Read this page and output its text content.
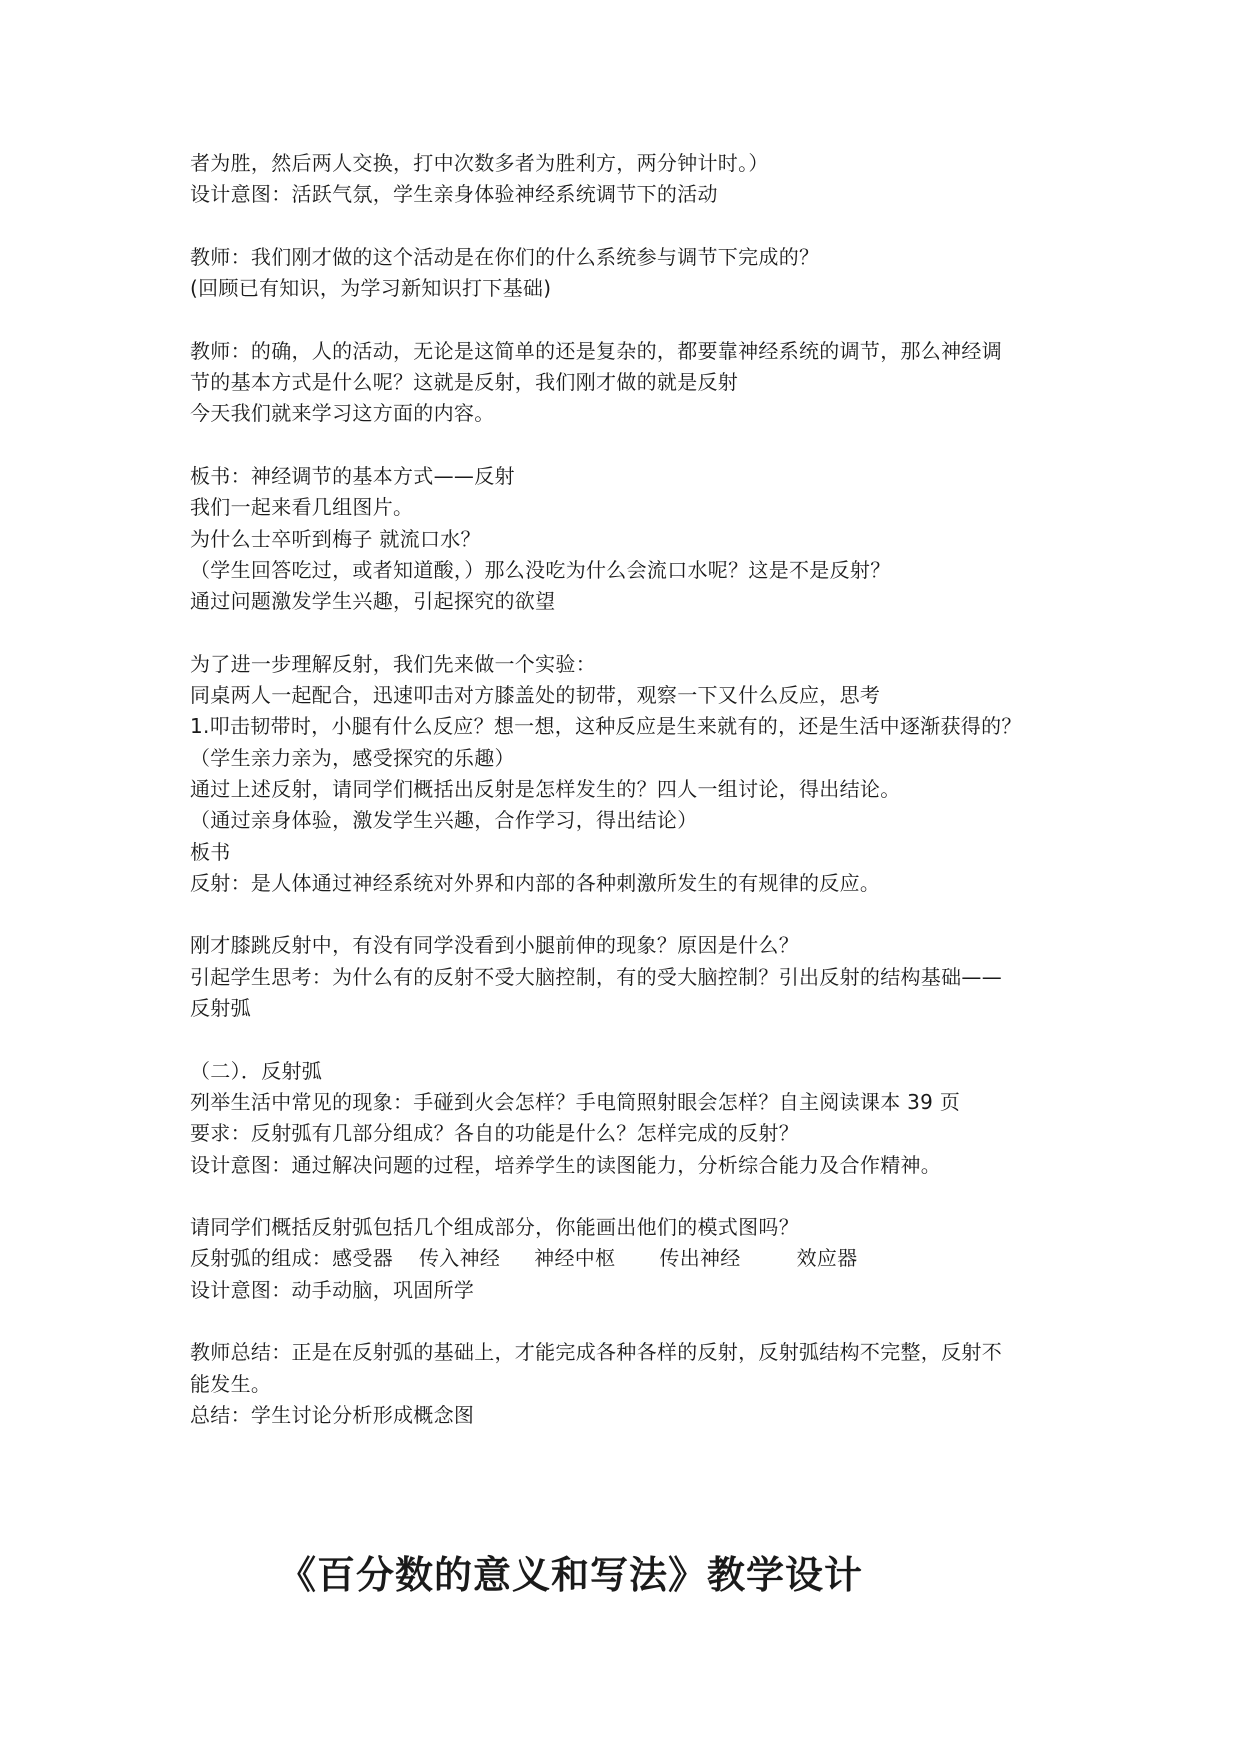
者为胜，然后两人交换，打中次数多者为胜利方，两分钟计时。）
设计意图：活跃气氛，学生亲身体验神经系统调节下的活动
教师：我们刚才做的这个活动是在你们的什么系统参与调节下完成的？
(回顾已有知识，为学习新知识打下基础)
教师：的确，人的活动，无论是这简单的还是复杂的，都要靠神经系统的调节，那么神经调
节的基本方式是什么呢？这就是反射，我们刚才做的就是反射
今天我们就来学习这方面的内容。
板书：神经调节的基本方式——反射
我们一起来看几组图片。
为什么士卒听到梅子 就流口水？
（学生回答吃过，或者知道酸，）那么没吃为什么会流口水呢？这是不是反射？
通过问题激发学生兴趣，引起探究的欲望
为了进一步理解反射，我们先来做一个实验：
同桌两人一起配合，迅速叩击对方膝盖处的韧带，观察一下又什么反应，思考
1.叩击韧带时，小腿有什么反应？想一想，这种反应是生来就有的，还是生活中逐渐获得的？
（学生亲力亲为，感受探究的乐趣）
通过上述反射，请同学们概括出反射是怎样发生的？四人一组讨论，得出结论。
（通过亲身体验，激发学生兴趣，合作学习，得出结论）
板书
反射：是人体通过神经系统对外界和内部的各种刺激所发生的有规律的反应。
刚才膝跳反射中，有没有同学没看到小腿前伸的现象？原因是什么？
引起学生思考：为什么有的反射不受大脑控制，有的受大脑控制？引出反射的结构基础——
反射弧
（二）．反射弧
列举生活中常见的现象：手碰到火会怎样？手电筒照射眼会怎样？自主阅读课本 39 页
要求：反射弧有几部分组成？各自的功能是什么？怎样完成的反射？
设计意图：通过解决问题的过程，培养学生的读图能力，分析综合能力及合作精神。
请同学们概括反射弧包括几个组成部分，你能画出他们的模式图吗？
反射弧的组成：感受器 传入神经 神经中枢 传出神经	效应器
设计意图：动手动脑，巩固所学
教师总结：正是在反射弧的基础上，才能完成各种各样的反射，反射弧结构不完整，反射不
能发生。
总结：学生讨论分析形成概念图
《百分数的意义和写法》教学设计
